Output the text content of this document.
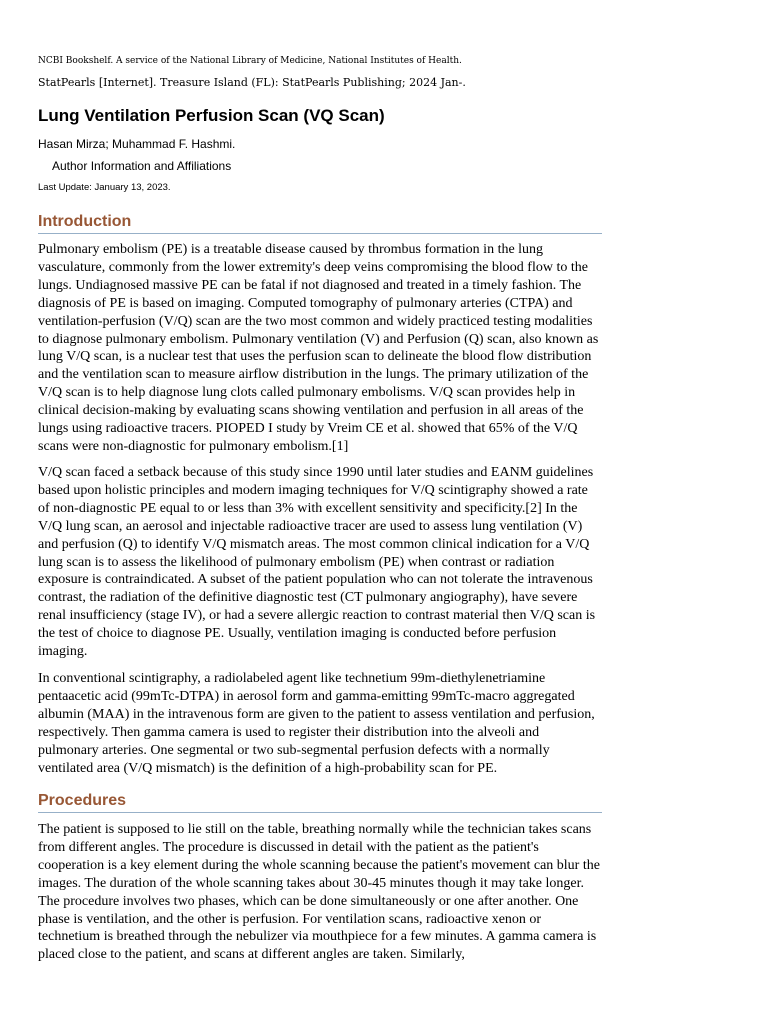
NCBI Bookshelf. A service of the National Library of Medicine, National Institutes of Health.
StatPearls [Internet]. Treasure Island (FL): StatPearls Publishing; 2024 Jan-.
Lung Ventilation Perfusion Scan (VQ Scan)
Hasan Mirza; Muhammad F. Hashmi.
Author Information and Affiliations
Last Update: January 13, 2023.
Introduction

Pulmonary embolism (PE) is a treatable disease caused by thrombus formation in the lung vasculature, commonly from the lower extremity's deep veins compromising the blood flow to the lungs. Undiagnosed massive PE can be fatal if not diagnosed and treated in a timely fashion. The diagnosis of PE is based on imaging. Computed tomography of pulmonary arteries (CTPA) and ventilation-perfusion (V/Q) scan are the two most common and widely practiced testing modalities to diagnose pulmonary embolism. Pulmonary ventilation (V) and Perfusion (Q) scan, also known as lung V/Q scan, is a nuclear test that uses the perfusion scan to delineate the blood flow distribution and the ventilation scan to measure airflow distribution in the lungs. The primary utilization of the V/Q scan is to help diagnose lung clots called pulmonary embolisms. V/Q scan provides help in clinical decision-making by evaluating scans showing ventilation and perfusion in all areas of the lungs using radioactive tracers. PIOPED I study by Vreim CE et al. showed that 65% of the V/Q scans were non-diagnostic for pulmonary embolism.[1]

V/Q scan faced a setback because of this study since 1990 until later studies and EANM guidelines based upon holistic principles and modern imaging techniques for V/Q scintigraphy showed a rate of non-diagnostic PE equal to or less than 3% with excellent sensitivity and specificity.[2] In the V/Q lung scan, an aerosol and injectable radioactive tracer are used to assess lung ventilation (V) and perfusion (Q) to identify V/Q mismatch areas. The most common clinical indication for a V/Q lung scan is to assess the likelihood of pulmonary embolism (PE) when contrast or radiation exposure is contraindicated. A subset of the patient population who can not tolerate the intravenous contrast, the radiation of the definitive diagnostic test (CT pulmonary angiography), have severe renal insufficiency (stage IV), or had a severe allergic reaction to contrast material then V/Q scan is the test of choice to diagnose PE. Usually, ventilation imaging is conducted before perfusion imaging.

In conventional scintigraphy, a radiolabeled agent like technetium 99m-diethylenetriamine pentaacetic acid (99mTc-DTPA) in aerosol form and gamma-emitting 99mTc-macro aggregated albumin (MAA) in the intravenous form are given to the patient to assess ventilation and perfusion, respectively. Then gamma camera is used to register their distribution into the alveoli and pulmonary arteries. One segmental or two sub-segmental perfusion defects with a normally ventilated area (V/Q mismatch) is the definition of a high-probability scan for PE.

Procedures

The patient is supposed to lie still on the table, breathing normally while the technician takes scans from different angles. The procedure is discussed in detail with the patient as the patient's cooperation is a key element during the whole scanning because the patient's movement can blur the images. The duration of the whole scanning takes about 30-45 minutes though it may take longer. The procedure involves two phases, which can be done simultaneously or one after another. One phase is ventilation, and the other is perfusion. For ventilation scans, radioactive xenon or technetium is breathed through the nebulizer via mouthpiece for a few minutes. A gamma camera is placed close to the patient, and scans at different angles are taken. Similarly,
